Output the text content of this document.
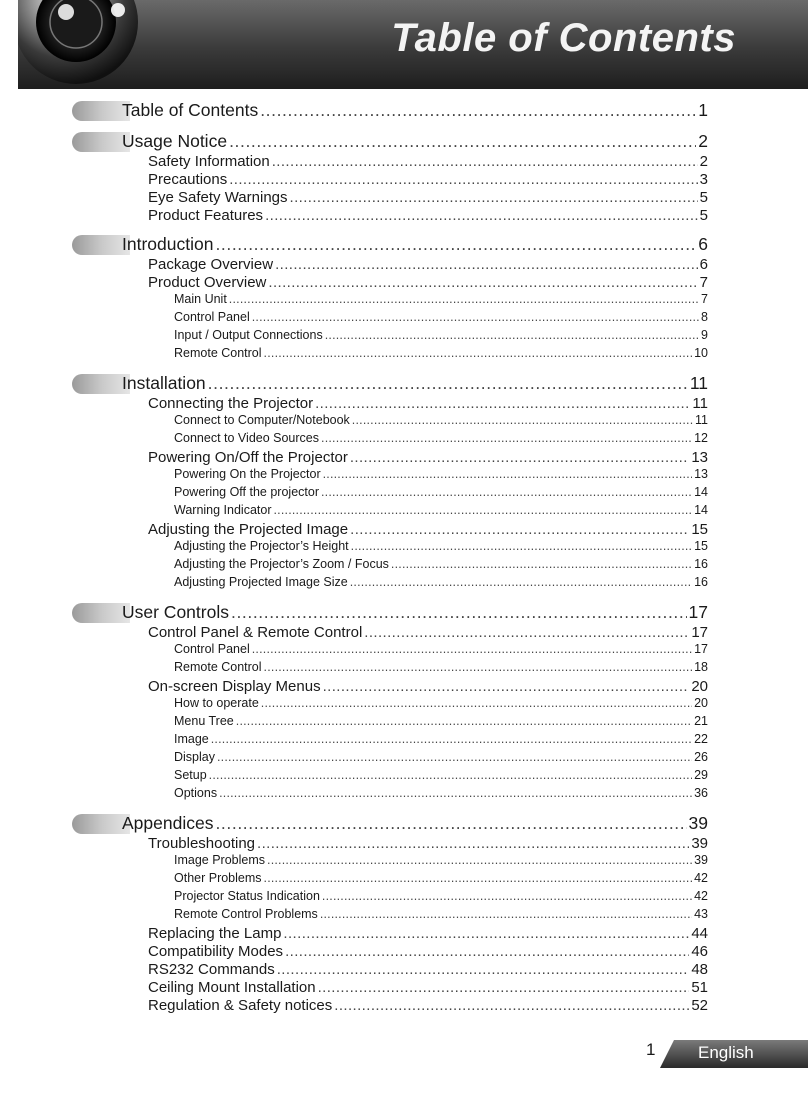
Table of Contents
Table of Contents .....	1
Usage Notice .....	2
Safety Information .....	2
Precautions .....	3
Eye Safety Warnings .....	5
Product Features .....	5
Introduction .....	6
Package Overview .....	6
Product Overview .....	7
Main Unit .....	7
Control Panel .....	8
Input / Output Connections .....	9
Remote Control .....	10
Installation .....	11
Connecting the Projector .....	11
Connect to Computer/Notebook .....	11
Connect to Video Sources .....	12
Powering On/Off the Projector .....	13
Powering On the Projector .....	13
Powering Off the projector .....	14
Warning Indicator .....	14
Adjusting the Projected Image .....	15
Adjusting the Projector’s Height .....	15
Adjusting the Projector’s Zoom / Focus .....	16
Adjusting Projected Image Size .....	16
User Controls .....	17
Control Panel & Remote Control .....	17
Control Panel .....	17
Remote Control .....	18
On-screen Display Menus .....	20
How to operate .....	20
Menu Tree .....	21
Image .....	22
Display .....	26
Setup .....	29
Options .....	36
Appendices .....	39
Troubleshooting .....	39
Image Problems .....	39
Other Problems .....	42
Projector Status Indication .....	42
Remote Control Problems .....	43
Replacing the Lamp .....	44
Compatibility Modes .....	46
RS232 Commands .....	48
Ceiling Mount Installation .....	51
Regulation & Safety notices .....	52
1	English
